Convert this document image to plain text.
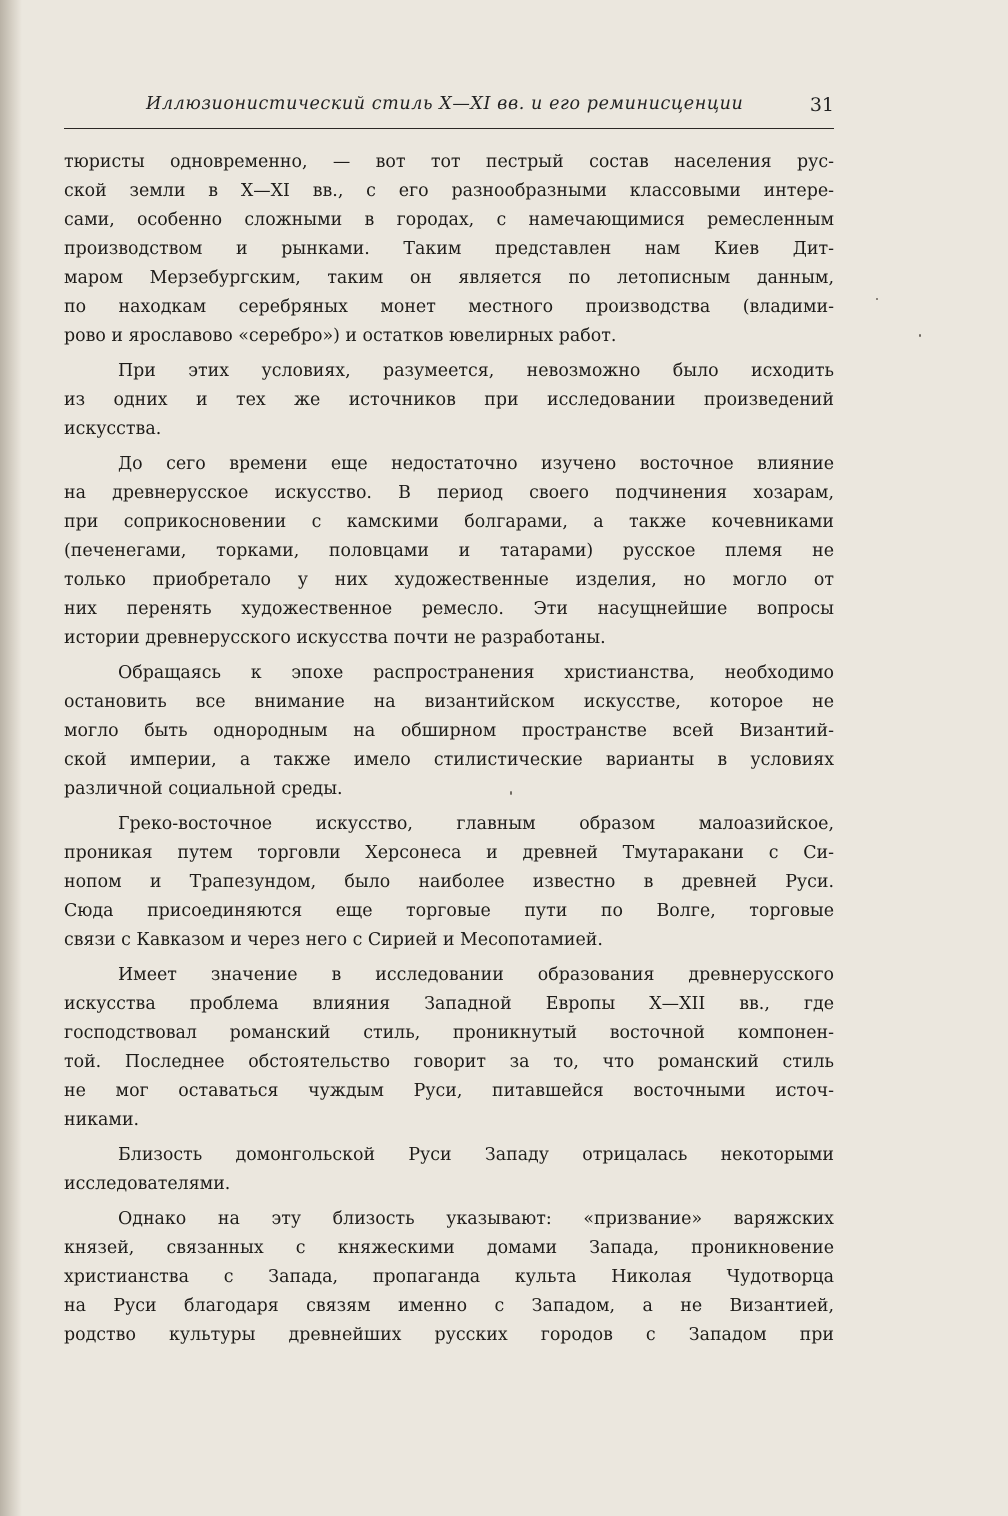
Иллюзионистический стиль X—XI вв. и его реминисценции	31
тюристы одновременно, — вот тот пестрый состав населения рус-
ской земли в X—XI вв., с его разнообразными классовыми интере-
сами, особенно сложными в городах, с намечающимися ремесленным
производством и рынками. Таким представлен нам Киев Дит-
маром Мерзебургским, таким он является по летописным данным,
по находкам серебряных монет местного производства (владими-
рово и ярославово «серебро») и остатков ювелирных работ.
При этих условиях, разумеется, невозможно было исходить
из одних и тех же источников при исследовании произведений
искусства.
До сего времени еще недостаточно изучено восточное влияние
на древнерусское искусство. В период своего подчинения хозарам,
при соприкосновении с камскими болгарами, а также кочевниками
(печенегами, торками, половцами и татарами) русское племя не
только приобретало у них художественные изделия, но могло от
них перенять художественное ремесло. Эти насущнейшие вопросы
истории древнерусского искусства почти не разработаны.
Обращаясь к эпохе распространения христианства, необходимо
остановить все внимание на византийском искусстве, которое не
могло быть однородным на обширном пространстве всей Византий-
ской империи, а также имело стилистические варианты в условиях
различной социальной среды.
Греко-восточное искусство, главным образом малоазийское,
проникая путем торговли Херсонеса и древней Тмутаракани с Си-
нопом и Трапезундом, было наиболее известно в древней Руси.
Сюда присоединяются еще торговые пути по Волге, торговые
связи с Кавказом и через него с Сирией и Месопотамией.
Имеет значение в исследовании образования древнерусского
искусства проблема влияния Западной Европы X—XII вв., где
господствовал романский стиль, проникнутый восточной компонен-
той. Последнее обстоятельство говорит за то, что романский стиль
не мог оставаться чуждым Руси, питавшейся восточными источ-
никами.
Близость домонгольской Руси Западу отрицалась некоторыми
исследователями.
Однако на эту близость указывают: «призвание» варяжских
князей, связанных с княжескими домами Запада, проникновение
христианства с Запада, пропаганда культа Николая Чудотворца
на Руси благодаря связям именно с Западом, а не Византией,
родство культуры древнейших русских городов с Западом при
